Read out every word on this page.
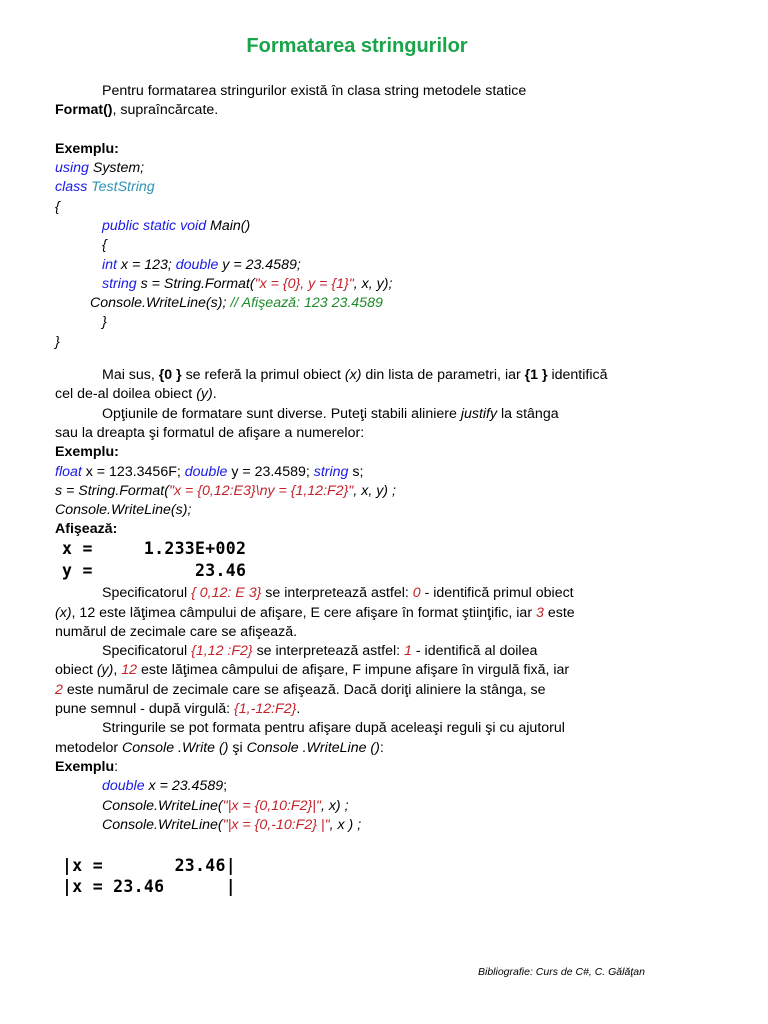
Formatarea stringurilor
Pentru formatarea stringurilor există în clasa string metodele statice
Format(), supraîncărcate.
Exemplu:
using System;
class TestString
{
public static void Main()
{
int x = 123; double y = 23.4589;
string s = String.Format("x = {0}, y = {1}", x, y);
Console.WriteLine(s); // Afişează: 123 23.4589
}
}
Mai sus, {0 } se referă la primul obiect (x) din lista de parametri, iar {1 } identifică
cel de-al doilea obiect (y).
Opţiunile de formatare sunt diverse. Puteţi stabili aliniere justify la stânga
sau la dreapta şi formatul de afişare a numerelor:
Exemplu:
float x = 123.3456F; double y = 23.4589; string s;
s = String.Format("x = {0,12:E3}\ny = {1,12:F2}", x, y) ;
Console.WriteLine(s);
Afişează:
x =     1.233E+002
y =          23.46
Specificatorul { 0,12: E 3} se interpretează astfel: 0 - identifică primul obiect
(x), 12 este lăţimea câmpului de afişare, E cere afişare în format ştiinţific, iar 3 este
numărul de zecimale care se afişează.
Specificatorul {1,12 :F2} se interpretează astfel: 1 - identifică al doilea
obiect (y), 12 este lăţimea câmpului de afişare, F impune afişare în virgulă fixă, iar
2 este numărul de zecimale care se afişează. Dacă doriţi aliniere la stânga, se
pune semnul - după virgulă: {1,-12:F2}.
Stringurile se pot formata pentru afişare după aceleaşi reguli şi cu ajutorul
metodelor Console .Write () şi Console .WriteLine ():
Exemplu:
double x = 23.4589;
Console.WriteLine("|x = {0,10:F2}|", x) ;
Console.WriteLine("|x = {0,-10:F2} |", x ) ;
|x =       23.46|
|x = 23.46      |
Bibliografie: Curs de C#, C. Gălăţan
